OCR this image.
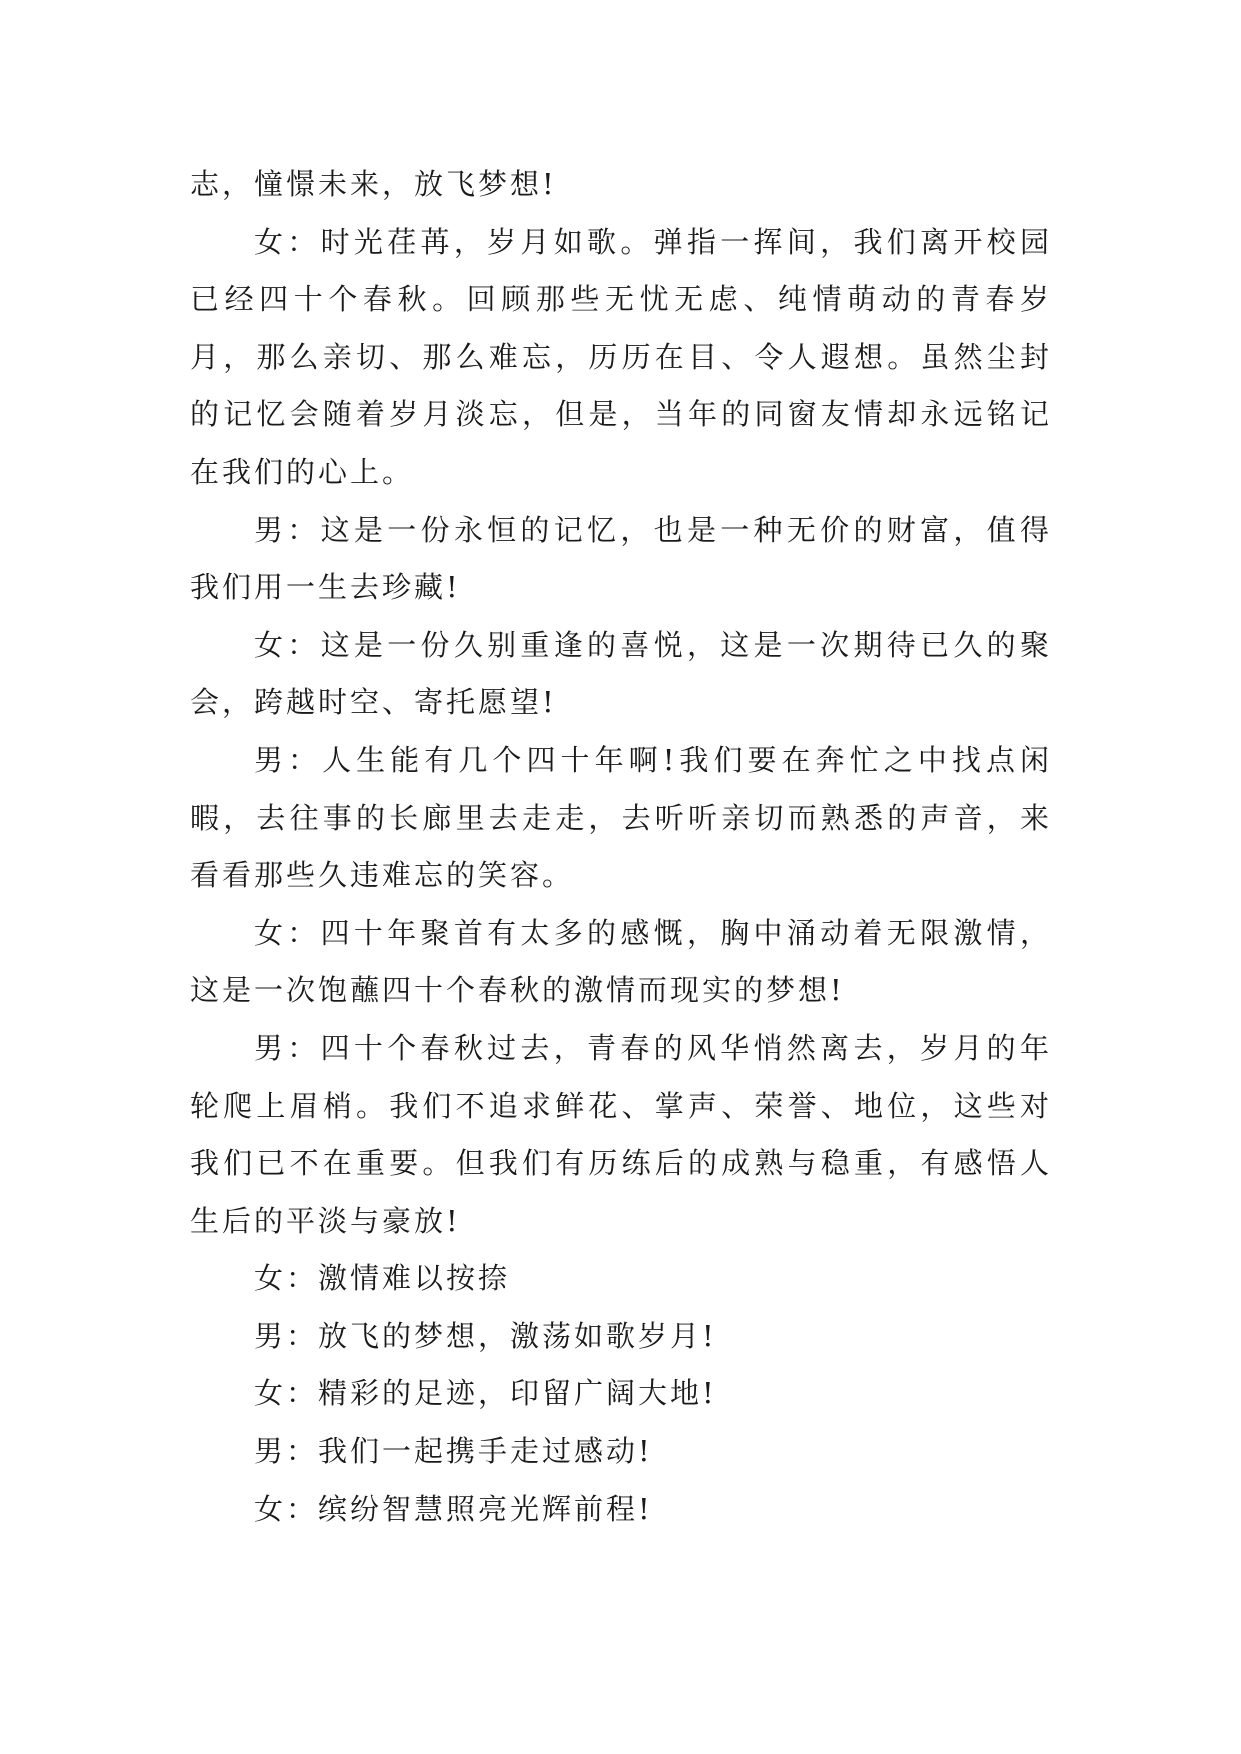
志，憧憬未来，放飞梦想!

女：时光荏苒，岁月如歌。弹指一挥间，我们离开校园已经四十个春秋。回顾那些无忧无虑、纯情萌动的青春岁月，那么亲切、那么难忘，历历在目、令人遐想。虽然尘封的记忆会随着岁月淡忘，但是，当年的同窗友情却永远铭记在我们的心上。

男：这是一份永恒的记忆，也是一种无价的财富，值得我们用一生去珍藏!

女：这是一份久别重逢的喜悦，这是一次期待已久的聚会，跨越时空、寄托愿望!

男：人生能有几个四十年啊!我们要在奔忙之中找点闲暇，去往事的长廊里去走走，去听听亲切而熟悉的声音，来看看那些久违难忘的笑容。

女：四十年聚首有太多的感慨，胸中涌动着无限激情，这是一次饱蘸四十个春秋的激情而现实的梦想!

男：四十个春秋过去，青春的风华悄然离去，岁月的年轮爬上眉梢。我们不追求鲜花、掌声、荣誉、地位，这些对我们已不在重要。但我们有历练后的成熟与稳重，有感悟人生后的平淡与豪放!

女：激情难以按捺

男：放飞的梦想，激荡如歌岁月!

女：精彩的足迹，印留广阔大地!

男：我们一起携手走过感动!

女：缤纷智慧照亮光辉前程!
